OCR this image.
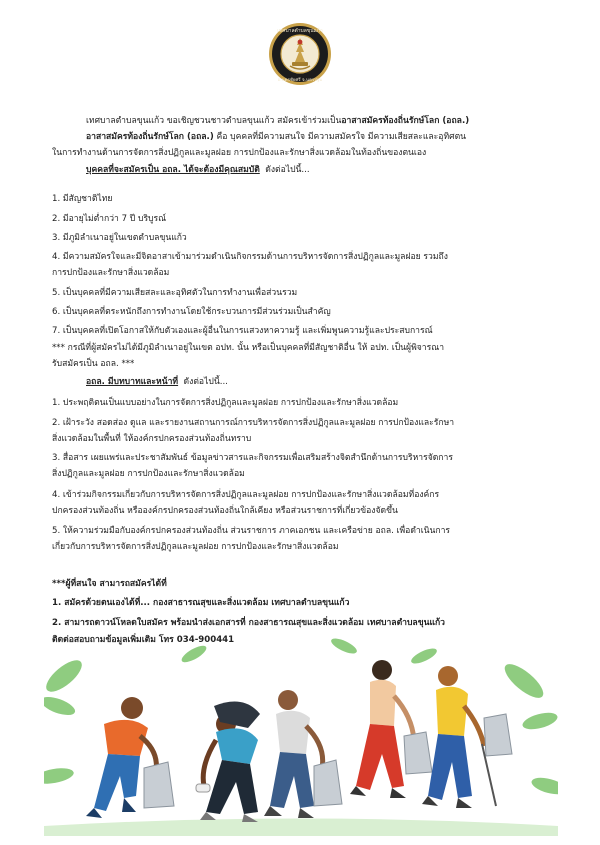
เทศบาลตำบลขุนแก้ว
อ.นครชัยศรี จ.นครปฐม
เทศบาลตำบลขุนแก้ว ขอเชิญชวนชาวตำบลขุนแก้ว สมัครเข้าร่วมเป็นอาสาสมัครท้องถิ่นรักษ์โลก (อถล.)
อาสาสมัครท้องถิ่นรักษ์โลก (อถล.) คือ บุคคลที่มีความสนใจ มีความสมัครใจ มีความเสียสละและอุทิศตน
ในการทำงานด้านการจัดการสิ่งปฏิกูลและมูลฝอย การปกป้องและรักษาสิ่งแวดล้อมในท้องถิ่นของตนเอง
บุคคลที่จะสมัครเป็น อถล. ได้จะต้องมีคุณสมบัติ ดังต่อไปนี้...
1. มีสัญชาติไทย
2. มีอายุไม่ต่ำกว่า 7 ปี บริบูรณ์
3. มีภูมิลำเนาอยู่ในเขตตำบลขุนแก้ว
4. มีความสมัครใจและมีจิตอาสาเข้ามาร่วมดำเนินกิจกรรมด้านการบริหารจัดการสิ่งปฏิกูลและมูลฝอย รวมถึง
การปกป้องและรักษาสิ่งแวดล้อม
5. เป็นบุคคลที่มีความเสียสละและอุทิศตัวในการทำงานเพื่อส่วนรวม
6. เป็นบุคคลที่ตระหนักถึงการทำงานโดยใช้กระบวนการมีส่วนร่วมเป็นสำคัญ
7. เป็นบุคคลที่เปิดโอกาสให้กับตัวเองและผู้อื่นในการแสวงหาความรู้ และเพิ่มพูนความรู้และประสบการณ์
*** กรณีที่ผู้สมัครไม่ได้มีภูมิลำเนาอยู่ในเขต อปท. นั้น หรือเป็นบุคคลที่มีสัญชาติอื่น ให้ อปท. เป็นผู้พิจารณา
รับสมัครเป็น อถล. ***
อถล. มีบทบาทและหน้าที่ ดังต่อไปนี้...
1. ประพฤติตนเป็นแบบอย่างในการจัดการสิ่งปฏิกูลและมูลฝอย การปกป้องและรักษาสิ่งแวดล้อม
2. เฝ้าระวัง สอดส่อง ดูแล และรายงานสถานการณ์การบริหารจัดการสิ่งปฏิกูลและมูลฝอย การปกป้องและรักษา
สิ่งแวดล้อมในพื้นที่ ให้องค์กรปกครองส่วนท้องถิ่นทราบ
3. สื่อสาร เผยแพร่และประชาสัมพันธ์ ข้อมูลข่าวสารและกิจกรรมเพื่อเสริมสร้างจิตสำนึกด้านการบริหารจัดการ
สิ่งปฏิกูลและมูลฝอย การปกป้องและรักษาสิ่งแวดล้อม
4. เข้าร่วมกิจกรรมเกี่ยวกับการบริหารจัดการสิ่งปฏิกูลและมูลฝอย การปกป้องและรักษาสิ่งแวดล้อมที่องค์กร
ปกครองส่วนท้องถิ่น หรือองค์กรปกครองส่วนท้องถิ่นใกล้เคียง หรือส่วนราชการที่เกี่ยวข้องจัดขึ้น
5. ให้ความร่วมมือกับองค์กรปกครองส่วนท้องถิ่น ส่วนราชการ ภาคเอกชน และเครือข่าย อถล. เพื่อดำเนินการ
เกี่ยวกับการบริหารจัดการสิ่งปฏิกูลและมูลฝอย การปกป้องและรักษาสิ่งแวดล้อม
***ผู้ที่สนใจ สามารถสมัครได้ที่
1. สมัครด้วยตนเองได้ที่... กองสาธารณสุขและสิ่งแวดล้อม เทศบาลตำบลขุนแก้ว
2. สามารถดาวน์โหลดใบสมัคร พร้อมนำส่งเอกสารที่ กองสาธารณสุขและสิ่งแวดล้อม เทศบาลตำบลขุนแก้ว
ติดต่อสอบถามข้อมูลเพิ่มเติม โทร 034-900441
